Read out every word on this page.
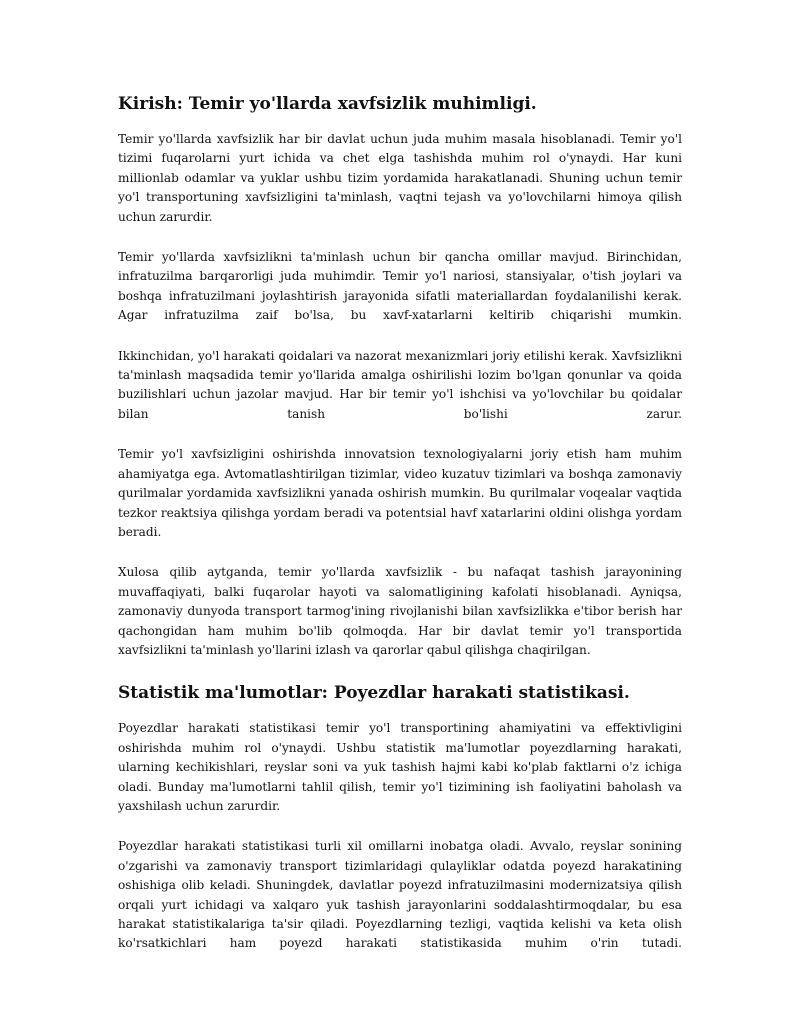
Kirish: Temir yo'llarda xavfsizlik muhimligi.

Temir yo'llarda xavfsizlik har bir davlat uchun juda muhim masala hisoblanadi. Temir yo'l tizimi fuqarolarni yurt ichida va chet elga tashishda muhim rol o'ynaydi. Har kuni millionlab odamlar va yuklar ushbu tizim yordamida harakatlanadi. Shuning uchun temir yo'l transportuning xavfsizligini ta'minlash, vaqtni tejash va yo'lovchilarni himoya qilish uchun zarurdir.

Temir yo'llarda xavfsizlikni ta'minlash uchun bir qancha omillar mavjud. Birinchidan, infratuzilma barqarorligi juda muhimdir. Temir yo'l nariosi, stansiyalar, o'tish joylari va boshqa infratuzilmani joylashtirish jarayonida sifatli materiallardan foydalanilishi kerak. Agar infratuzilma zaif bo'lsa, bu xavf-xatarlarni keltirib chiqarishi mumkin.

Ikkinchidan, yo'l harakati qoidalari va nazorat mexanizmlari joriy etilishi kerak. Xavfsizlikni ta'minlash maqsadida temir yo'llarida amalga oshirilishi lozim bo'lgan qonunlar va qoida buzilishlari uchun jazolar mavjud. Har bir temir yo'l ishchisi va yo'lovchilar bu qoidalar bilan tanish bo'lishi zarur.

Temir yo'l xavfsizligini oshirishda innovatsion texnologiyalarni joriy etish ham muhim ahamiyatga ega. Avtomatlashtirilgan tizimlar, video kuzatuv tizimlari va boshqa zamonaviy qurilmalar yordamida xavfsizlikni yanada oshirish mumkin. Bu qurilmalar voqealar vaqtida tezkor reaktsiya qilishga yordam beradi va potentsial havf xatarlarini oldini olishga yordam beradi.

Xulosa qilib aytganda, temir yo'llarda xavfsizlik - bu nafaqat tashish jarayonining muvaffaqiyati, balki fuqarolar hayoti va salomatligining kafolati hisoblanadi. Ayniqsa, zamonaviy dunyoda transport tarmog'ining rivojlanishi bilan xavfsizlikka e'tibor berish har qachongidan ham muhim bo'lib qolmoqda. Har bir davlat temir yo'l transportida xavfsizlikni ta'minlash yo'llarini izlash va qarorlar qabul qilishga chaqirilgan.

Statistik ma'lumotlar: Poyezdlar harakati statistikasi.

Poyezdlar harakati statistikasi temir yo'l transportining ahamiyatini va effektivligini oshirishda muhim rol o'ynaydi. Ushbu statistik ma'lumotlar poyezdlarning harakati, ularning kechikishlari, reyslar soni va yuk tashish hajmi kabi ko'plab faktlarni o'z ichiga oladi. Bunday ma'lumotlarni tahlil qilish, temir yo'l tizimining ish faoliyatini baholash va yaxshilash uchun zarurdir.

Poyezdlar harakati statistikasi turli xil omillarni inobatga oladi. Avvalo, reyslar sonining o'zgarishi va zamonaviy transport tizimlaridagi qulayliklar odatda poyezd harakatining oshishiga olib keladi. Shuningdek, davlatlar poyezd infratuzilmasini modernizatsiya qilish orqali yurt ichidagi va xalqaro yuk tashish jarayonlarini soddalashtirmoqdalar, bu esa harakat statistikalariga ta'sir qiladi. Poyezdlarning tezligi, vaqtida kelishi va keta olish ko'rsatkichlari ham poyezd harakati statistikasida muhim o'rin tutadi.
